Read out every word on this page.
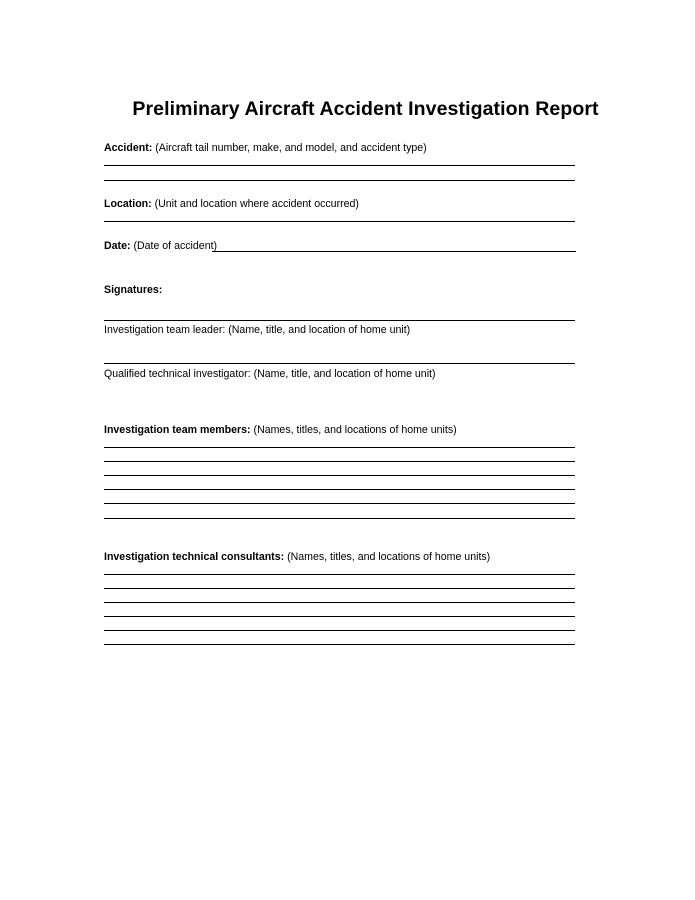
Preliminary Aircraft Accident Investigation Report
Accident: (Aircraft tail number, make, and model, and accident type)
Location: (Unit and location where accident occurred)
Date: (Date of accident)
Signatures:
Investigation team leader: (Name, title, and location of home unit)
Qualified technical investigator: (Name, title, and location of home unit)
Investigation team members: (Names, titles, and locations of home units)
Investigation technical consultants: (Names, titles, and locations of home units)
